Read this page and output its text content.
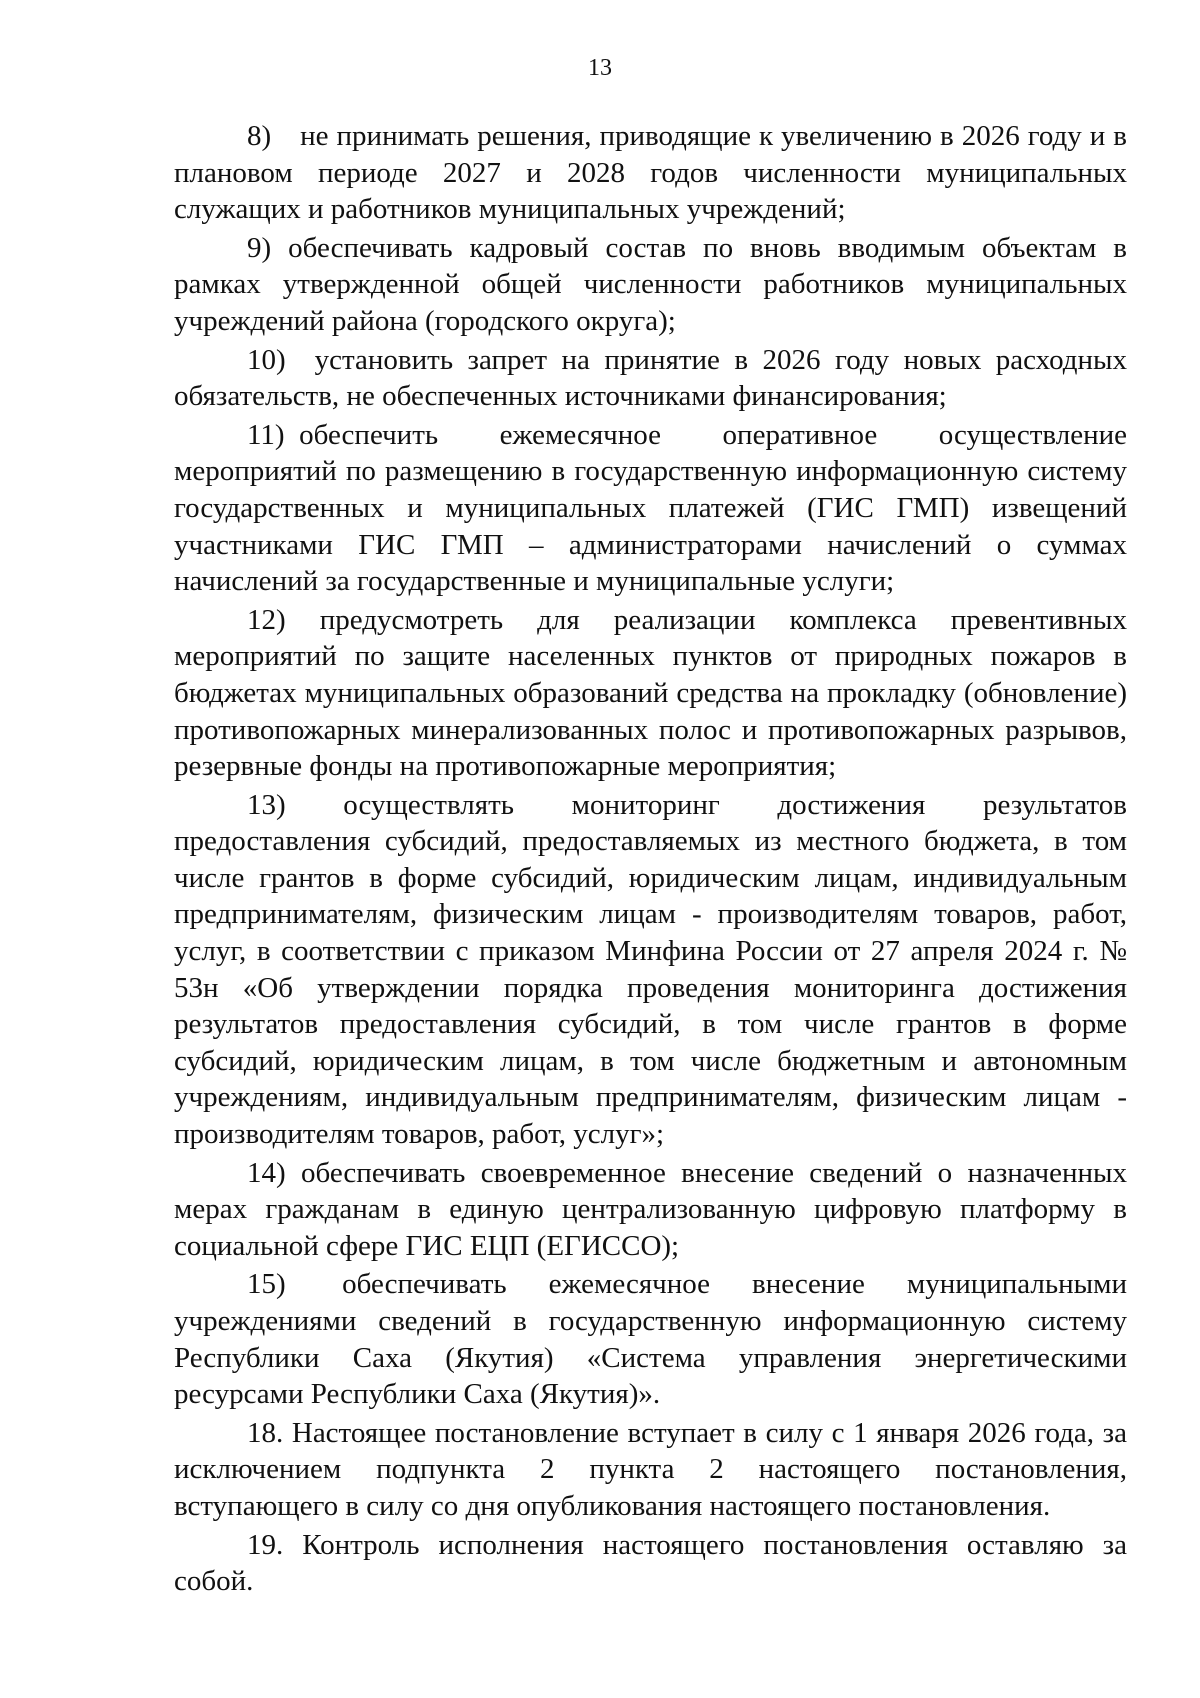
13

8)  не принимать решения, приводящие к увеличению в 2026 году и в плановом периоде 2027 и 2028 годов численности муниципальных служащих и работников муниципальных учреждений;

9) обеспечивать кадровый состав по вновь вводимым объектам в рамках утвержденной общей численности работников муниципальных учреждений района (городского округа);

10)  установить запрет на принятие в 2026 году новых расходных обязательств, не обеспеченных источниками финансирования;

11) обеспечить ежемесячное оперативное осуществление мероприятий по размещению в государственную информационную систему государственных и муниципальных платежей (ГИС ГМП) извещений участниками ГИС ГМП – администраторами начислений о суммах начислений за государственные и муниципальные услуги;

12) предусмотреть для реализации комплекса превентивных мероприятий по защите населенных пунктов от природных пожаров в бюджетах муниципальных образований средства на прокладку (обновление) противопожарных минерализованных полос и противопожарных разрывов, резервные фонды на противопожарные мероприятия;

13) осуществлять мониторинг достижения результатов предоставления субсидий, предоставляемых из местного бюджета, в том числе грантов в форме субсидий, юридическим лицам, индивидуальным предпринимателям, физическим лицам - производителям товаров, работ, услуг, в соответствии с приказом Минфина России от 27 апреля 2024 г. № 53н «Об утверждении порядка проведения мониторинга достижения результатов предоставления субсидий, в том числе грантов в форме субсидий, юридическим лицам, в том числе бюджетным и автономным учреждениям, индивидуальным предпринимателям, физическим лицам - производителям товаров, работ, услуг»;

14) обеспечивать своевременное внесение сведений о назначенных мерах гражданам в единую централизованную цифровую платформу в социальной сфере ГИС ЕЦП (ЕГИССО);

15)  обеспечивать ежемесячное внесение муниципальными учреждениями сведений в государственную информационную систему Республики Саха (Якутия) «Система управления энергетическими ресурсами Республики Саха (Якутия)».

18. Настоящее постановление вступает в силу с 1 января 2026 года, за исключением подпункта 2 пункта 2 настоящего постановления, вступающего в силу со дня опубликования настоящего постановления.

19. Контроль исполнения настоящего постановления оставляю за собой.
